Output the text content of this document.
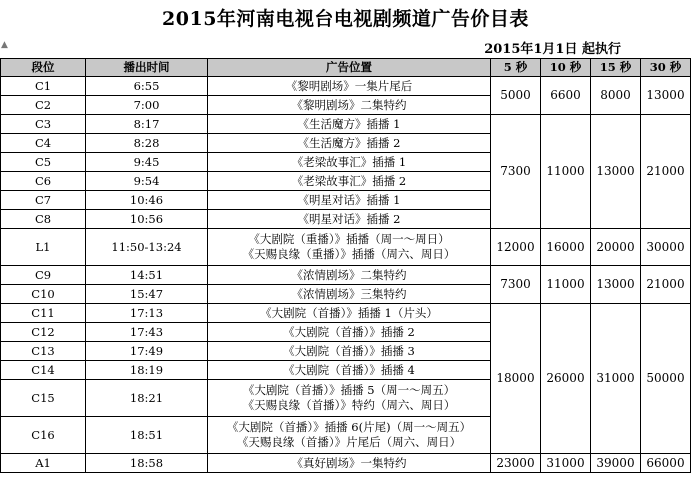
2015年河南电视台电视剧频道广告价目表
▲	2015年1月1日 起执行
段位	播出时间	广告位置	5 秒	10 秒	15 秒	30 秒
C1	6:55	《黎明剧场》一集片尾后	5000	6600	8000	13000
C2	7:00	《黎明剧场》二集特约				

C3	8:17	《生活魔方》插播 1	7300	11000	13000	21000
C4	8:28	《生活魔方》插播 2				

C5	9:45	《老梁故事汇》插播 1				

C6	9:54	《老梁故事汇》插播 2				

C7	10:46	《明星对话》插播 1				

C8	10:56	《明星对话》插播 2				

L1	11:50-13:24	《大剧院（重播）》插播（周一～周日）
《天赐良缘（重播）》插播（周六、周日）	12000	16000	20000	30000
C9	14:51	《浓情剧场》二集特约	7300	11000	13000	21000
C10	15:47	《浓情剧场》三集特约				

C11	17:13	《大剧院（首播）》插播 1（片头）	18000	26000	31000	50000
C12	17:43	《大剧院（首播）》插播 2				

C13	17:49	《大剧院（首播）》插播 3				

C14	18:19	《大剧院（首播）》插播 4				

C15	18:21	《大剧院（首播）》插播 5（周一～周五）
《天赐良缘（首播）》特约（周六、周日）				

C16	18:51	《大剧院（首播）》插播 6(片尾)（周一～周五）
《天赐良缘（首播）》片尾后（周六、周日）				

A1	18:58	《真好剧场》一集特约	23000	31000	39000	66000
